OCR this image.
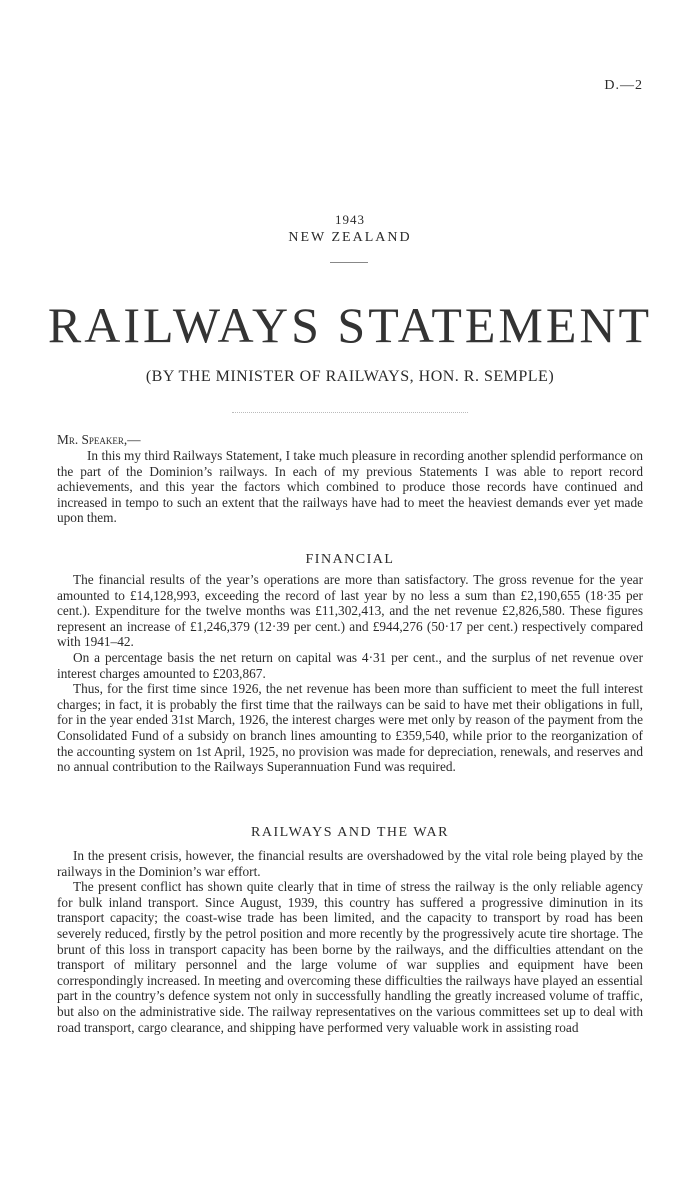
D.—2
1943
NEW ZEALAND
RAILWAYS STATEMENT
(BY THE MINISTER OF RAILWAYS, HON. R. SEMPLE)

Mr. Speaker,—

In this my third Railways Statement, I take much pleasure in recording another splendid performance on the part of the Dominion’s railways. In each of my previous Statements I was able to report record achievements, and this year the factors which combined to produce those records have continued and increased in tempo to such an extent that the railways have had to meet the heaviest demands ever yet made upon them.

FINANCIAL

The financial results of the year’s operations are more than satisfactory. The gross revenue for the year amounted to £14,128,993, exceeding the record of last year by no less a sum than £2,190,655 (18·35 per cent.). Expenditure for the twelve months was £11,302,413, and the net revenue £2,826,580. These figures represent an increase of £1,246,379 (12·39 per cent.) and £944,276 (50·17 per cent.) respectively compared with 1941–42.

On a percentage basis the net return on capital was 4·31 per cent., and the surplus of net revenue over interest charges amounted to £203,867.

Thus, for the first time since 1926, the net revenue has been more than sufficient to meet the full interest charges; in fact, it is probably the first time that the railways can be said to have met their obligations in full, for in the year ended 31st March, 1926, the interest charges were met only by reason of the payment from the Consolidated Fund of a subsidy on branch lines amounting to £359,540, while prior to the reorganization of the accounting system on 1st April, 1925, no provision was made for depreciation, renewals, and reserves and no annual contribution to the Railways Superannuation Fund was required.

RAILWAYS AND THE WAR

In the present crisis, however, the financial results are overshadowed by the vital role being played by the railways in the Dominion’s war effort.

The present conflict has shown quite clearly that in time of stress the railway is the only reliable agency for bulk inland transport. Since August, 1939, this country has suffered a progressive diminution in its transport capacity; the coast-wise trade has been limited, and the capacity to transport by road has been severely reduced, firstly by the petrol position and more recently by the progressively acute tire shortage. The brunt of this loss in transport capacity has been borne by the railways, and the difficulties attendant on the transport of military personnel and the large volume of war supplies and equipment have been correspondingly increased. In meeting and overcoming these difficulties the railways have played an essential part in the country’s defence system not only in successfully handling the greatly increased volume of traffic, but also on the administrative side. The railway representatives on the various committees set up to deal with road transport, cargo clearance, and shipping have performed very valuable work in assisting road
